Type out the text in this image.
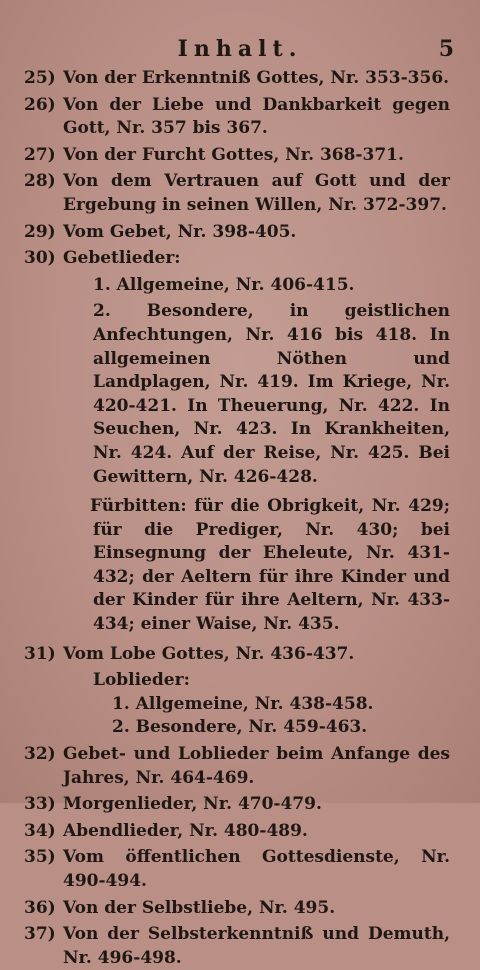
Inhalt.	5
25) Von der Erkenntniß Gottes, Nr. 353-356.
26) Von der Liebe und Dankbarkeit gegen Gott, Nr. 357 bis 367.
27) Von der Furcht Gottes, Nr. 368-371.
28) Von dem Vertrauen auf Gott und der Ergebung in seinen Willen, Nr. 372-397.
29) Vom Gebet, Nr. 398-405.
30) Gebetlieder:
1. Allgemeine, Nr. 406-415.
2. Besondere, in geistlichen Anfechtungen, Nr. 416 bis 418. In allgemeinen Nöthen und Landplagen, Nr. 419. Im Kriege, Nr. 420-421. In Theuerung, Nr. 422. In Seuchen, Nr. 423. In Krankheiten, Nr. 424. Auf der Reise, Nr. 425. Bei Gewittern, Nr. 426-428.
Fürbitten: für die Obrigkeit, Nr. 429; für die Prediger, Nr. 430; bei Einsegnung der Eheleute, Nr. 431-432; der Aeltern für ihre Kinder und der Kinder für ihre Aeltern, Nr. 433-434; einer Waise, Nr. 435.
31) Vom Lobe Gottes, Nr. 436-437.
Loblieder:
1. Allgemeine, Nr. 438-458.
2. Besondere, Nr. 459-463.
32) Gebet- und Loblieder beim Anfange des Jahres, Nr. 464-469.
33) Morgenlieder, Nr. 470-479.
34) Abendlieder, Nr. 480-489.
35) Vom öffentlichen Gottesdienste, Nr. 490-494.
36) Von der Selbstliebe, Nr. 495.
37) Von der Selbsterkenntniß und Demuth, Nr. 496-498.
